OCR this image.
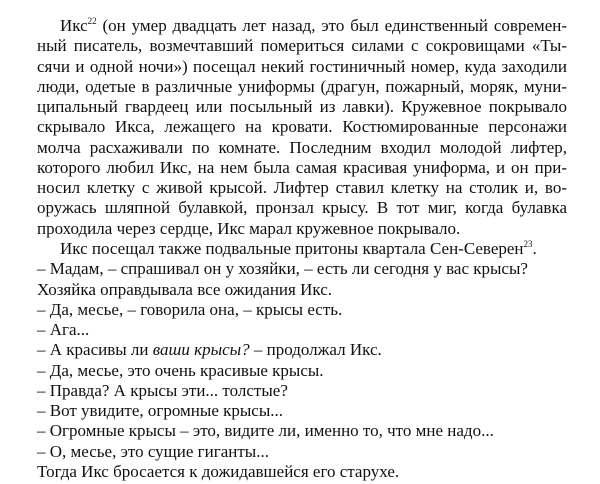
Икс$^{22}$ (он умер двадцать лет назад, это был единственный современ-
ный писатель, возмечтавший помериться силами с сокровищами «Ты-
сячи и одной ночи») посещал некий гостиничный номер, куда заходили
люди, одетые в различные униформы (драгун, пожарный, моряк, муни-
ципальный гвардеец или посыльный из лавки). Кружевное покрывало
скрывало Икса, лежащего на кровати. Костюмированные персонажи
молча расхаживали по комнате. Последним входил молодой лифтер,
которого любил Икс, на нем была самая красивая униформа, и он при-
носил клетку с живой крысой. Лифтер ставил клетку на столик и, во-
оружась шляпной булавкой, пронзал крысу. В тот миг, когда булавка
проходила через сердце, Икс марал кружевное покрывало.
Икс посещал также подвальные притоны квартала Сен-Северен$^{23}$.
– Мадам, – спрашивал он у хозяйки, – есть ли сегодня у вас крысы?
Хозяйка оправдывала все ожидания Икс.
– Да, месье, – говорила она, – крысы есть.
– Ага...
– А красивы ли ваши крысы? – продолжал Икс.
– Да, месье, это очень красивые крысы.
– Правда? А крысы эти... толстые?
– Вот увидите, огромные крысы...
– Огромные крысы – это, видите ли, именно то, что мне надо...
– О, месье, это сущие гиганты...
Тогда Икс бросается к дожидавшейся его старухе.
